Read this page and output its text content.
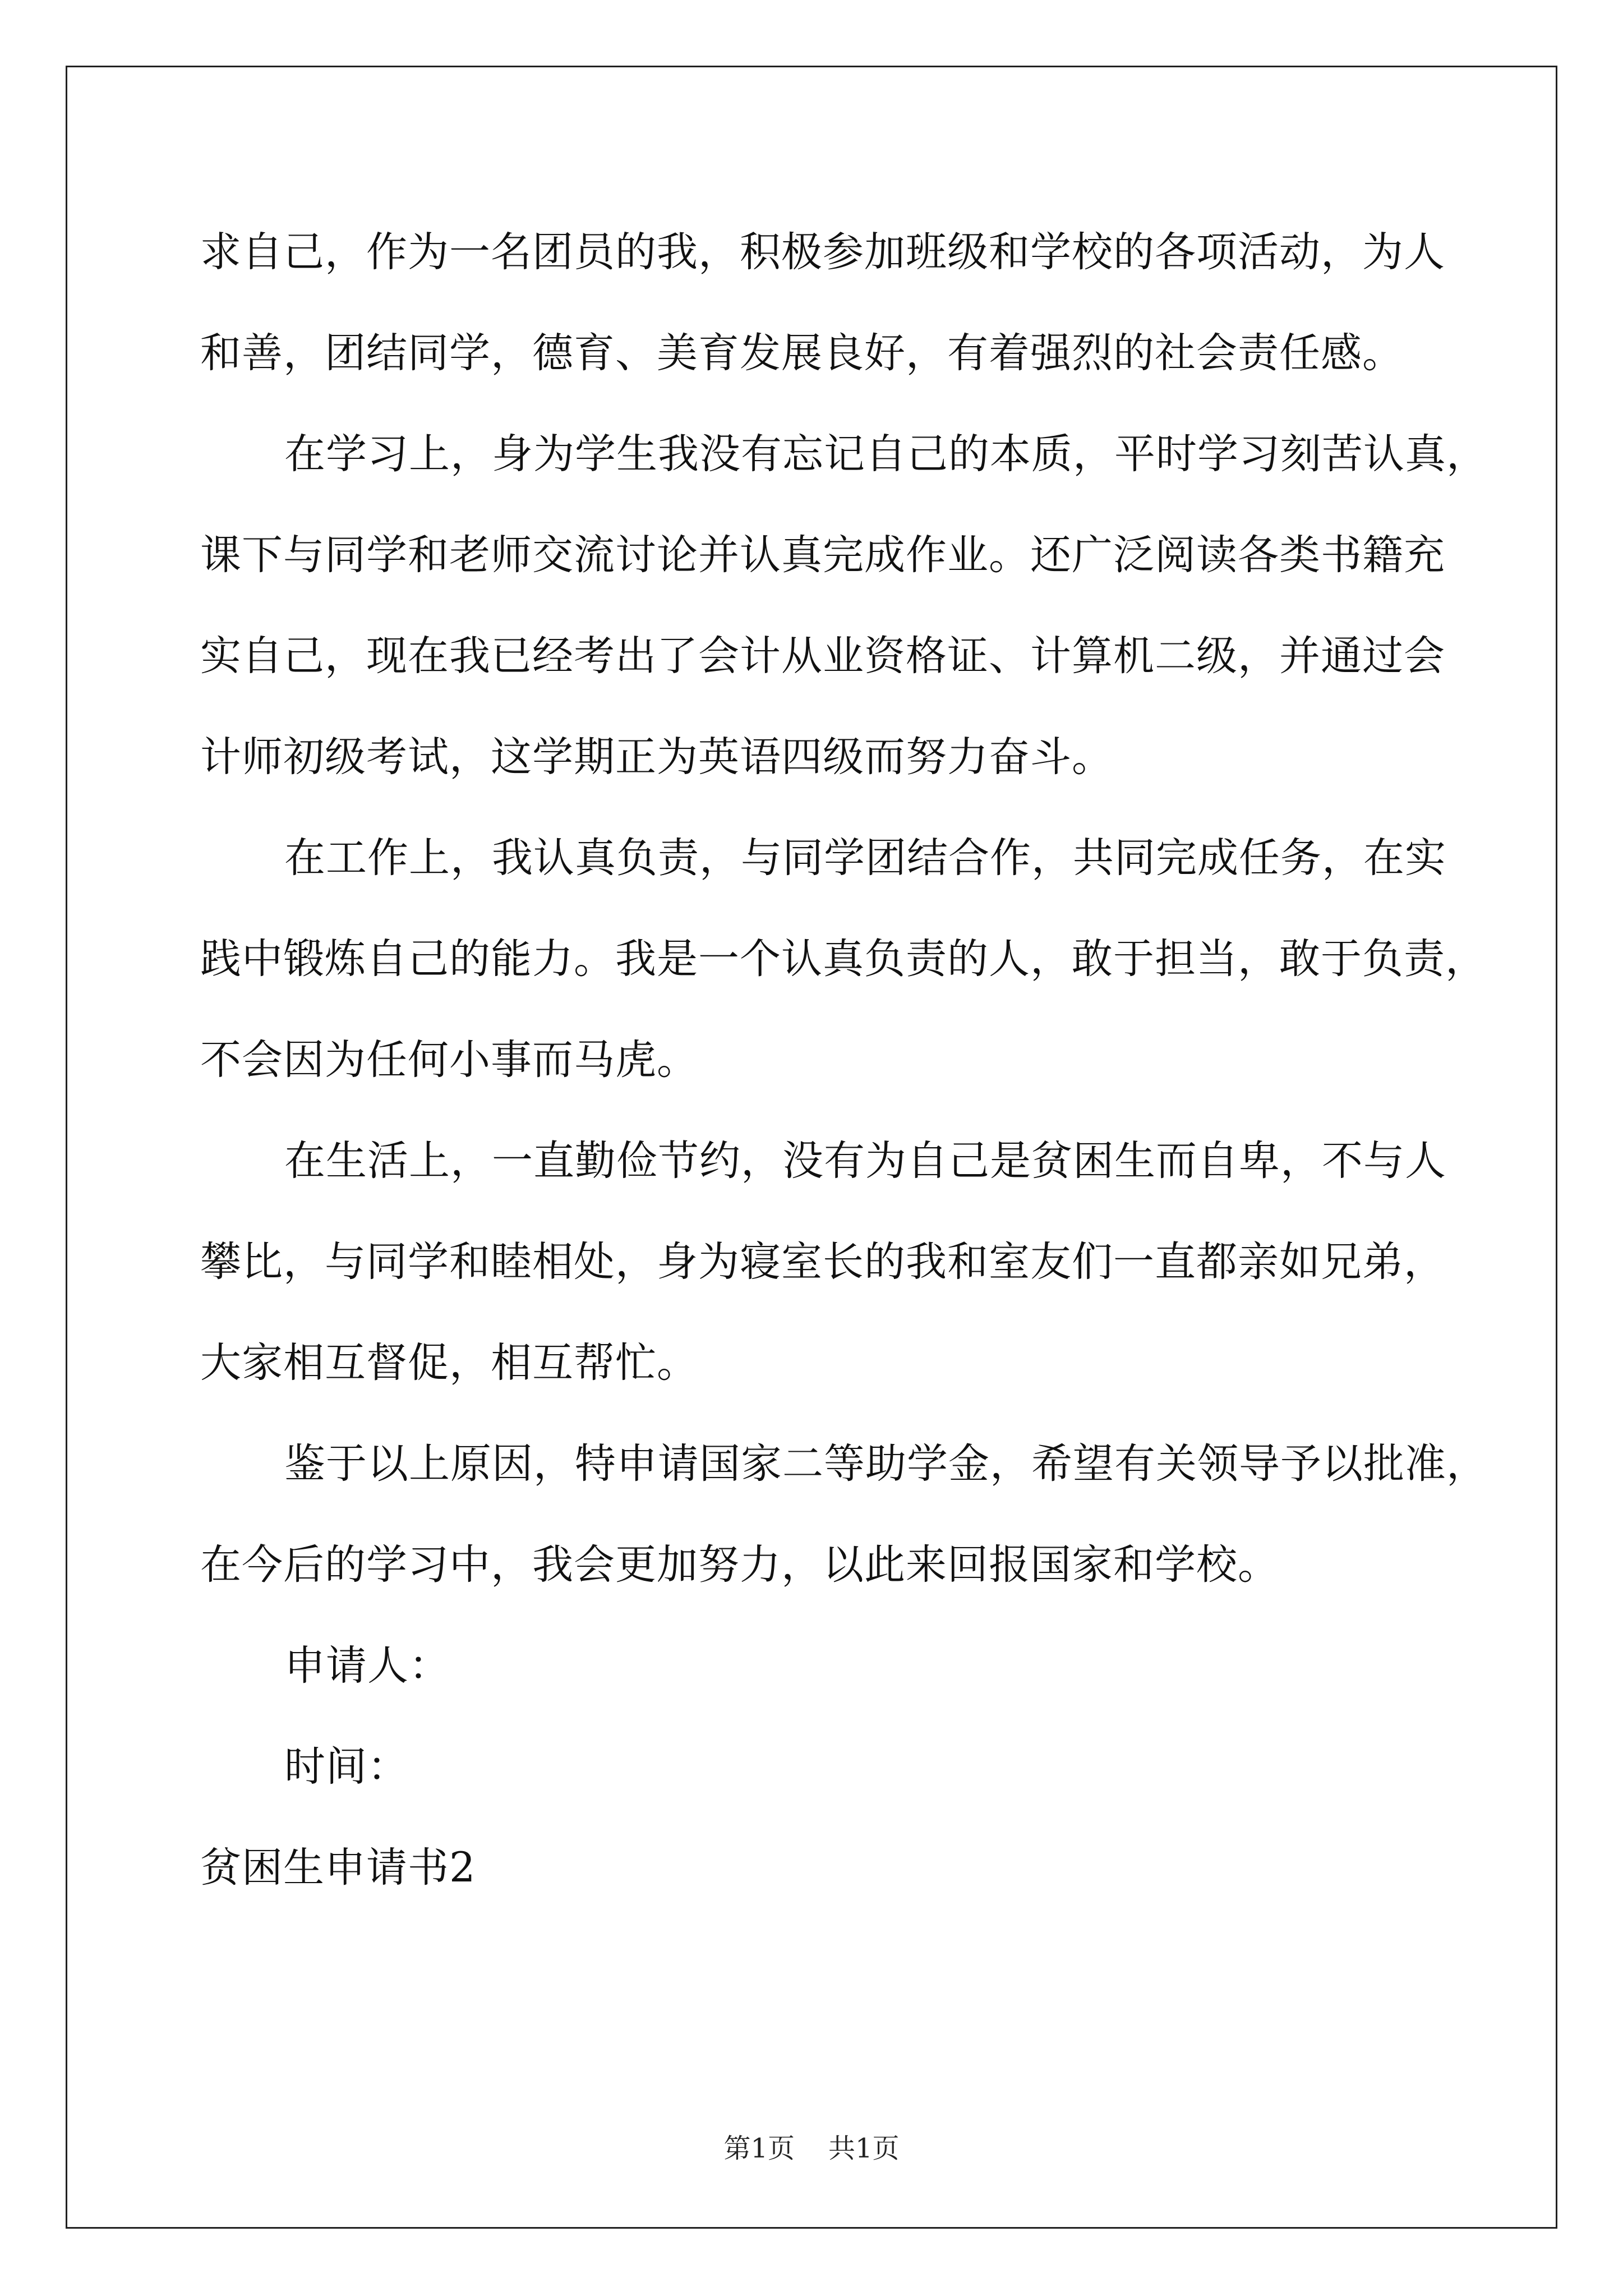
求自己，作为一名团员的我，积极参加班级和学校的各项活动，为人
和善，团结同学，德育、美育发展良好，有着强烈的社会责任感。
在学习上，身为学生我没有忘记自己的本质，平时学习刻苦认真，
课下与同学和老师交流讨论并认真完成作业。还广泛阅读各类书籍充
实自己，现在我已经考出了会计从业资格证、计算机二级，并通过会
计师初级考试，这学期正为英语四级而努力奋斗。
在工作上，我认真负责，与同学团结合作，共同完成任务，在实
践中锻炼自己的能力。我是一个认真负责的人，敢于担当，敢于负责，
不会因为任何小事而马虎。
在生活上，一直勤俭节约，没有为自己是贫困生而自卑，不与人
攀比，与同学和睦相处，身为寝室长的我和室友们一直都亲如兄弟，
大家相互督促，相互帮忙。
鉴于以上原因，特申请国家二等助学金，希望有关领导予以批准，
在今后的学习中，我会更加努力，以此来回报国家和学校。
申请人：
时间：
贫困生申请书2
第1页 共1页
